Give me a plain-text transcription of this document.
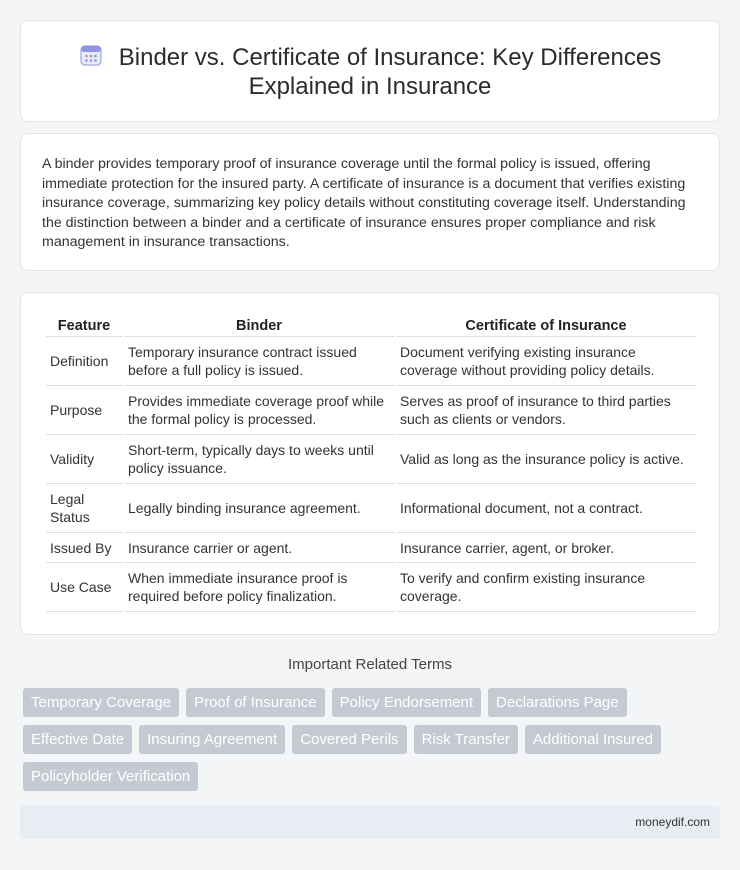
Binder vs. Certificate of Insurance: Key Differences Explained in Insurance

A binder provides temporary proof of insurance coverage until the formal policy is issued, offering immediate protection for the insured party. A certificate of insurance is a document that verifies existing insurance coverage, summarizing key policy details without constituting coverage itself. Understanding the distinction between a binder and a certificate of insurance ensures proper compliance and risk management in insurance transactions.

Feature	Binder	Certificate of Insurance
Definition	Temporary insurance contract issued before a full policy is issued.	Document verifying existing insurance coverage without providing policy details.
Purpose	Provides immediate coverage proof while the formal policy is processed.	Serves as proof of insurance to third parties such as clients or vendors.
Validity	Short-term, typically days to weeks until policy issuance.	Valid as long as the insurance policy is active.
Legal Status	Legally binding insurance agreement.	Informational document, not a contract.
Issued By	Insurance carrier or agent.	Insurance carrier, agent, or broker.
Use Case	When immediate insurance proof is required before policy finalization.	To verify and confirm existing insurance coverage.
Important Related Terms
Temporary Coverage	Proof of Insurance	Policy Endorsement	Declarations Page
Effective Date	Insuring Agreement	Covered Perils	Risk Transfer	Additional Insured
Policyholder Verification
moneydif.com
